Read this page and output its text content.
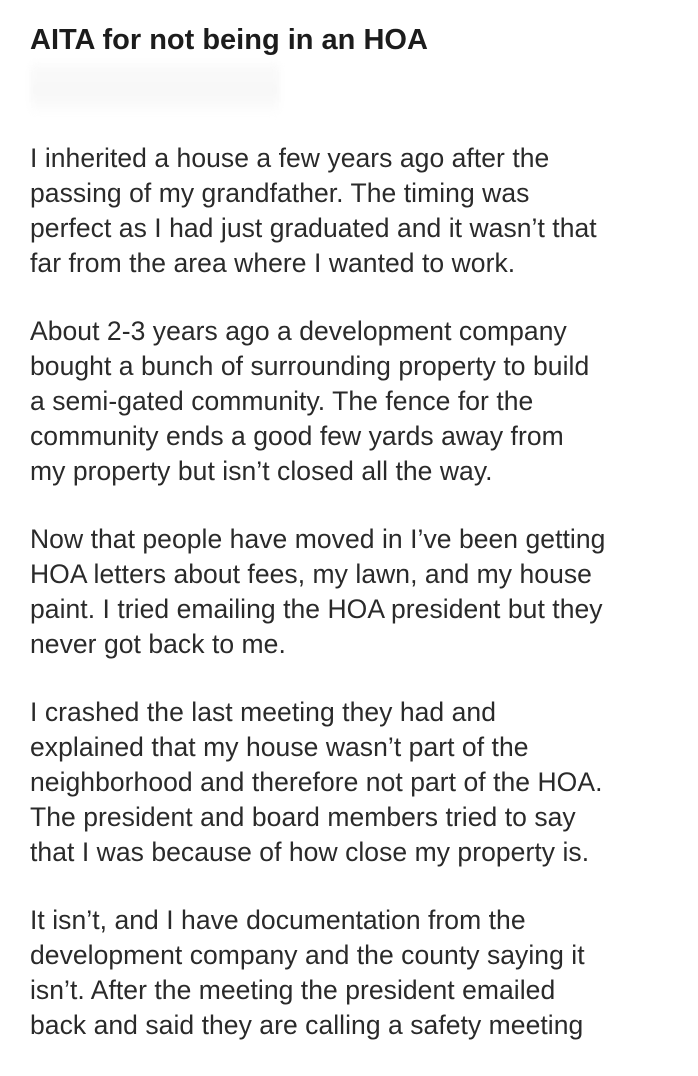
AITA for not being in an HOA

I inherited a house a few years ago after the
passing of my grandfather. The timing was
perfect as I had just graduated and it wasn’t that
far from the area where I wanted to work.

About 2-3 years ago a development company
bought a bunch of surrounding property to build
a semi-gated community. The fence for the
community ends a good few yards away from
my property but isn’t closed all the way.

Now that people have moved in I’ve been getting
HOA letters about fees, my lawn, and my house
paint. I tried emailing the HOA president but they
never got back to me.

I crashed the last meeting they had and
explained that my house wasn’t part of the
neighborhood and therefore not part of the HOA.
The president and board members tried to say
that I was because of how close my property is.

It isn’t, and I have documentation from the
development company and the county saying it
isn’t. After the meeting the president emailed
back and said they are calling a safety meeting
